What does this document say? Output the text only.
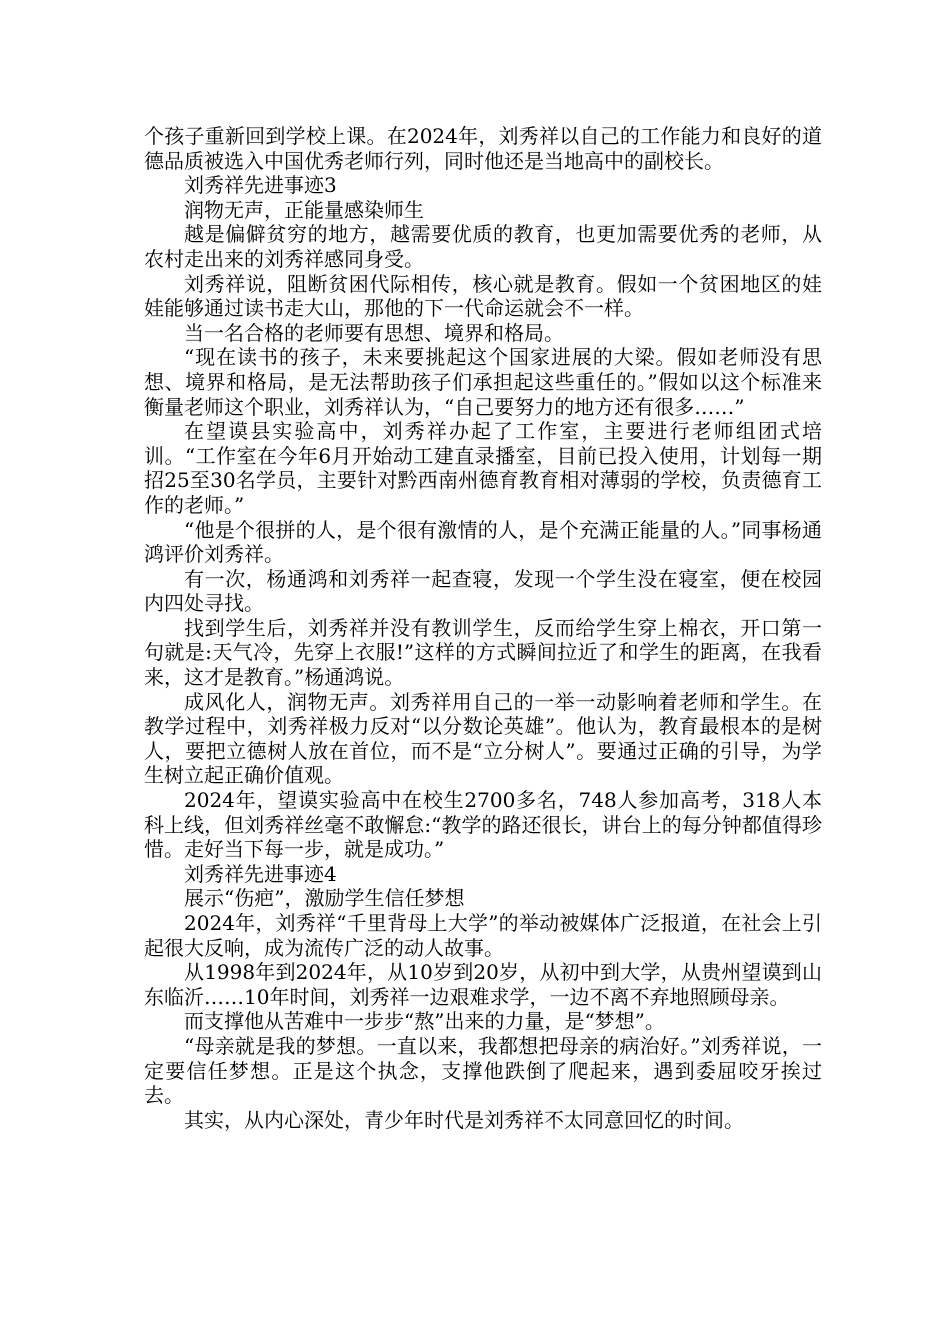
个孩子重新回到学校上课。在2024年，刘秀祥以自己的工作能力和良好的道德品质被选入中国优秀老师行列，同时他还是当地高中的副校长。

刘秀祥先进事迹3

润物无声，正能量感染师生

越是偏僻贫穷的地方，越需要优质的教育，也更加需要优秀的老师，从农村走出来的刘秀祥感同身受。

刘秀祥说，阻断贫困代际相传，核心就是教育。假如一个贫困地区的娃娃能够通过读书走大山，那他的下一代命运就会不一样。

当一名合格的老师要有思想、境界和格局。

“现在读书的孩子，未来要挑起这个国家进展的大梁。假如老师没有思想、境界和格局，是无法帮助孩子们承担起这些重任的。”假如以这个标准来衡量老师这个职业，刘秀祥认为，“自己要努力的地方还有很多……”

在望谟县实验高中，刘秀祥办起了工作室，主要进行老师组团式培训。“工作室在今年6月开始动工建直录播室，目前已投入使用，计划每一期招25至30名学员，主要针对黔西南州德育教育相对薄弱的学校，负责德育工作的老师。”

“他是个很拼的人，是个很有激情的人，是个充满正能量的人。”同事杨通鸿评价刘秀祥。

有一次，杨通鸿和刘秀祥一起查寝，发现一个学生没在寝室，便在校园内四处寻找。

找到学生后，刘秀祥并没有教训学生，反而给学生穿上棉衣，开口第一句就是:天气冷，先穿上衣服!”这样的方式瞬间拉近了和学生的距离，在我看来，这才是教育。”杨通鸿说。

成风化人，润物无声。刘秀祥用自己的一举一动影响着老师和学生。在教学过程中，刘秀祥极力反对“以分数论英雄”。他认为，教育最根本的是树人，要把立德树人放在首位，而不是“立分树人”。要通过正确的引导，为学生树立起正确价值观。

2024年，望谟实验高中在校生2700多名，748人参加高考，318人本科上线，但刘秀祥丝毫不敢懈怠:“教学的路还很长，讲台上的每分钟都值得珍惜。走好当下每一步，就是成功。”

刘秀祥先进事迹4

展示“伤疤”，激励学生信任梦想

2024年，刘秀祥“千里背母上大学”的举动被媒体广泛报道，在社会上引起很大反响，成为流传广泛的动人故事。

从1998年到2024年，从10岁到20岁，从初中到大学，从贵州望谟到山东临沂……10年时间，刘秀祥一边艰难求学，一边不离不弃地照顾母亲。

而支撑他从苦难中一步步“熬”出来的力量，是“梦想”。

“母亲就是我的梦想。一直以来，我都想把母亲的病治好。”刘秀祥说，一定要信任梦想。正是这个执念，支撑他跌倒了爬起来，遇到委屈咬牙挨过去。

其实，从内心深处，青少年时代是刘秀祥不太同意回忆的时间。
